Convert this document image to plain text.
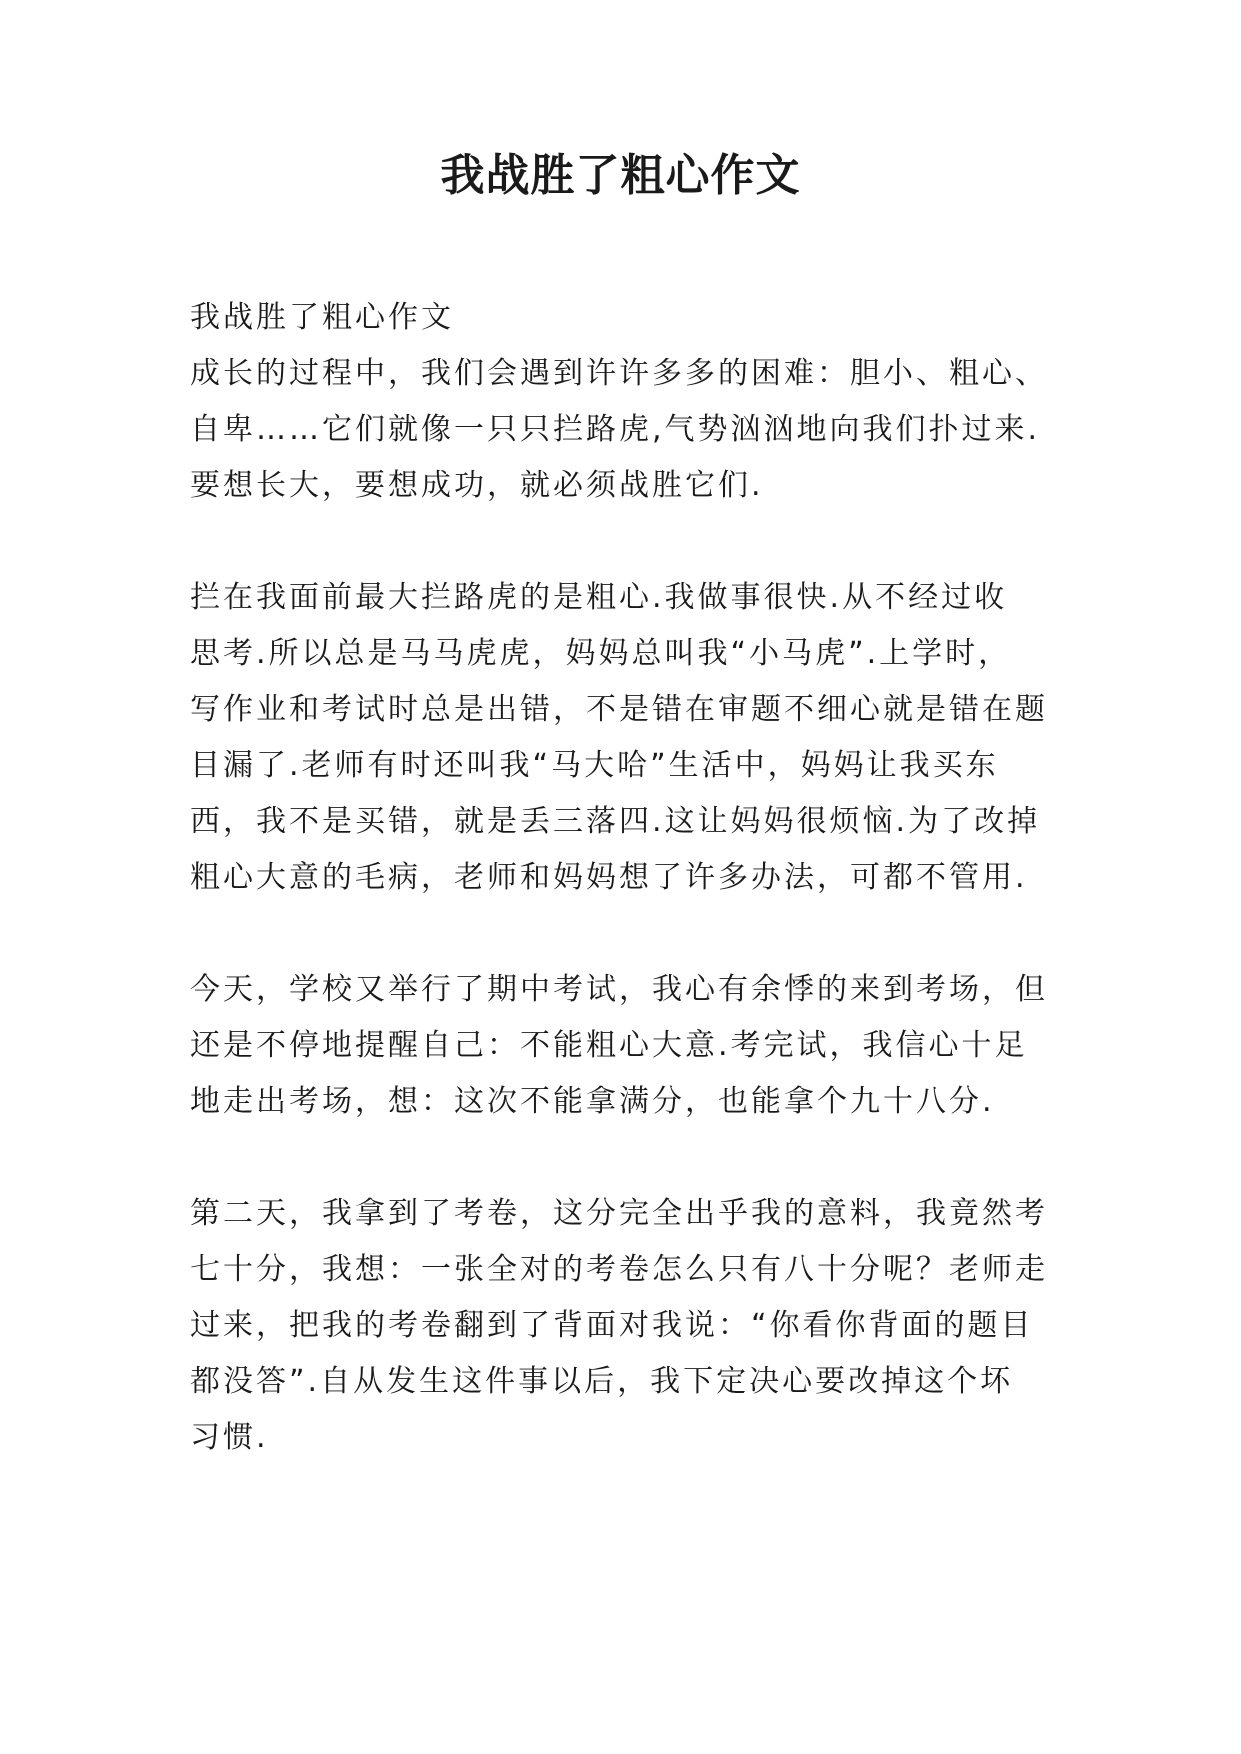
我战胜了粗心作文

我战胜了粗心作文

成长的过程中，我们会遇到许许多多的困难：胆小、粗心、

自卑……它们就像一只只拦路虎,气势汹汹地向我们扑过来.

要想长大，要想成功，就必须战胜它们.

拦在我面前最大拦路虎的是粗心.我做事很快.从不经过收

思考.所以总是马马虎虎，妈妈总叫我“小马虎”.上学时，

写作业和考试时总是出错，不是错在审题不细心就是错在题

目漏了.老师有时还叫我“马大哈”生活中，妈妈让我买东

西，我不是买错，就是丢三落四.这让妈妈很烦恼.为了改掉

粗心大意的毛病，老师和妈妈想了许多办法，可都不管用.

今天，学校又举行了期中考试，我心有余悸的来到考场，但

还是不停地提醒自己：不能粗心大意.考完试，我信心十足

地走出考场，想：这次不能拿满分，也能拿个九十八分.

第二天，我拿到了考卷，这分完全出乎我的意料，我竟然考

七十分，我想：一张全对的考卷怎么只有八十分呢？老师走

过来，把我的考卷翻到了背面对我说：“你看你背面的题目

都没答”.自从发生这件事以后，我下定决心要改掉这个坏

习惯.
